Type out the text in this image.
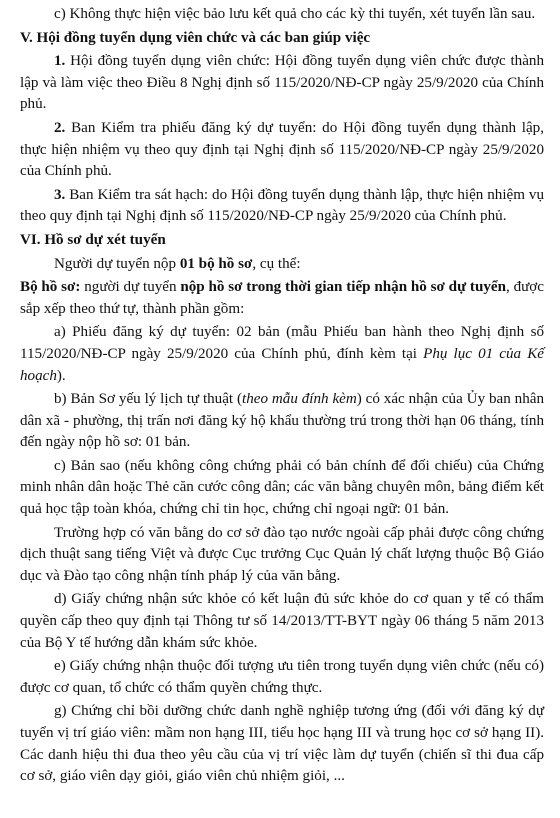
c) Không thực hiện việc bảo lưu kết quả cho các kỳ thi tuyển, xét tuyển lần sau.

V. Hội đồng tuyển dụng viên chức và các ban giúp việc

1. Hội đồng tuyển dụng viên chức: Hội đồng tuyển dụng viên chức được thành lập và làm việc theo Điều 8 Nghị định số 115/2020/NĐ-CP ngày 25/9/2020 của Chính phủ.

2. Ban Kiểm tra phiếu đăng ký dự tuyển: do Hội đồng tuyển dụng thành lập, thực hiện nhiệm vụ theo quy định tại Nghị định số 115/2020/NĐ-CP ngày 25/9/2020 của Chính phủ.

3. Ban Kiểm tra sát hạch: do Hội đồng tuyển dụng thành lập, thực hiện nhiệm vụ theo quy định tại Nghị định số 115/2020/NĐ-CP ngày 25/9/2020 của Chính phủ.

VI. Hồ sơ dự xét tuyển

Người dự tuyển nộp 01 bộ hồ sơ, cụ thể:

Bộ hồ sơ: người dự tuyển nộp hồ sơ trong thời gian tiếp nhận hồ sơ dự tuyển, được sắp xếp theo thứ tự, thành phần gồm:

a) Phiếu đăng ký dự tuyển: 02 bản (mẫu Phiếu ban hành theo Nghị định số 115/2020/NĐ-CP ngày 25/9/2020 của Chính phủ, đính kèm tại Phụ lục 01 của Kế hoạch).

b) Bản Sơ yếu lý lịch tự thuật (theo mẫu đính kèm) có xác nhận của Ủy ban nhân dân xã - phường, thị trấn nơi đăng ký hộ khẩu thường trú trong thời hạn 06 tháng, tính đến ngày nộp hồ sơ: 01 bản.

c) Bản sao (nếu không công chứng phải có bản chính để đối chiếu) của Chứng minh nhân dân hoặc Thẻ căn cước công dân; các văn bằng chuyên môn, bảng điểm kết quả học tập toàn khóa, chứng chỉ tin học, chứng chỉ ngoại ngữ: 01 bản.

Trường hợp có văn bằng do cơ sở đào tạo nước ngoài cấp phải được công chứng dịch thuật sang tiếng Việt và được Cục trưởng Cục Quản lý chất lượng thuộc Bộ Giáo dục và Đào tạo công nhận tính pháp lý của văn bằng.

d) Giấy chứng nhận sức khỏe có kết luận đủ sức khỏe do cơ quan y tế có thẩm quyền cấp theo quy định tại Thông tư số 14/2013/TT-BYT ngày 06 tháng 5 năm 2013 của Bộ Y tế hướng dẫn khám sức khỏe.

e) Giấy chứng nhận thuộc đối tượng ưu tiên trong tuyển dụng viên chức (nếu có) được cơ quan, tổ chức có thẩm quyền chứng thực.

g) Chứng chỉ bồi dưỡng chức danh nghề nghiệp tương ứng (đối với đăng ký dự tuyển vị trí giáo viên: mầm non hạng III, tiểu học hạng III và trung học cơ sở hạng II). Các danh hiệu thi đua theo yêu cầu của vị trí việc làm dự tuyển (chiến sĩ thi đua cấp cơ sở, giáo viên dạy giỏi, giáo viên chủ nhiệm giỏi, ...
